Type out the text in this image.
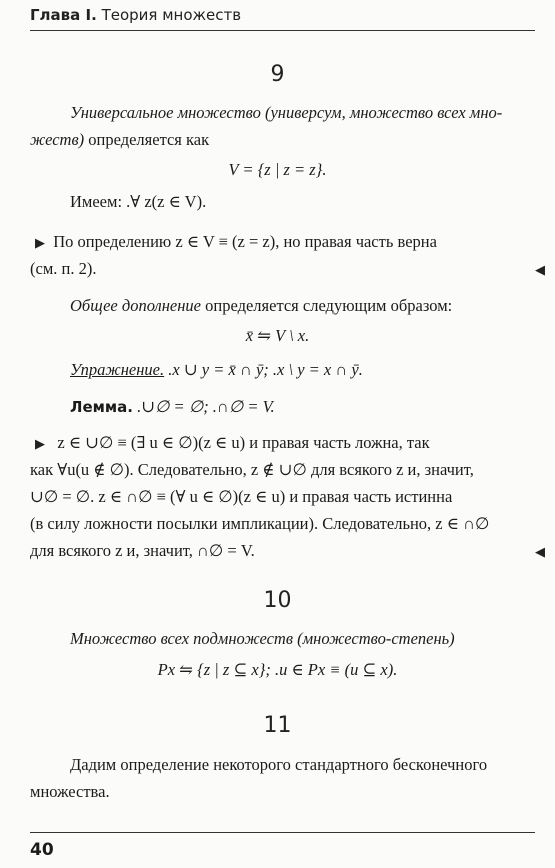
Глава I. Теория множеств
9
Универсальное множество (универсум, множество всех мно-
жеств) определяется как
V = {z | z = z}.
Имеем: .∀ z(z ∈ V).
▶ По определению z ∈ V ≡ (z = z), но правая часть верна
(см. п. 2).	◀
Общее дополнение определяется следующим образом:
x̄ ⇋ V \ x.
Упражнение. .x ∪ y = x̄ ∩ ȳ; .x \ y = x ∩ ȳ.
Лемма. .∪∅ = ∅; .∩∅ = V.
▶ z ∈ ∪∅ ≡ (∃ u ∈ ∅)(z ∈ u) и правая часть ложна, так
как ∀u(u ∉ ∅). Следовательно, z ∉ ∪∅ для всякого z и, значит,
∪∅ = ∅. z ∈ ∩∅ ≡ (∀ u ∈ ∅)(z ∈ u) и правая часть истинна
(в силу ложности посылки импликации). Следовательно, z ∈ ∩∅
для всякого z и, значит, ∩∅ = V.	◀
10
Множество всех подмножеств (множество-степень)
Px ⇋ {z | z ⊆ x}; .u ∈ Px ≡ (u ⊆ x).
11
Дадим определение некоторого стандартного бесконечного
множества.
40
